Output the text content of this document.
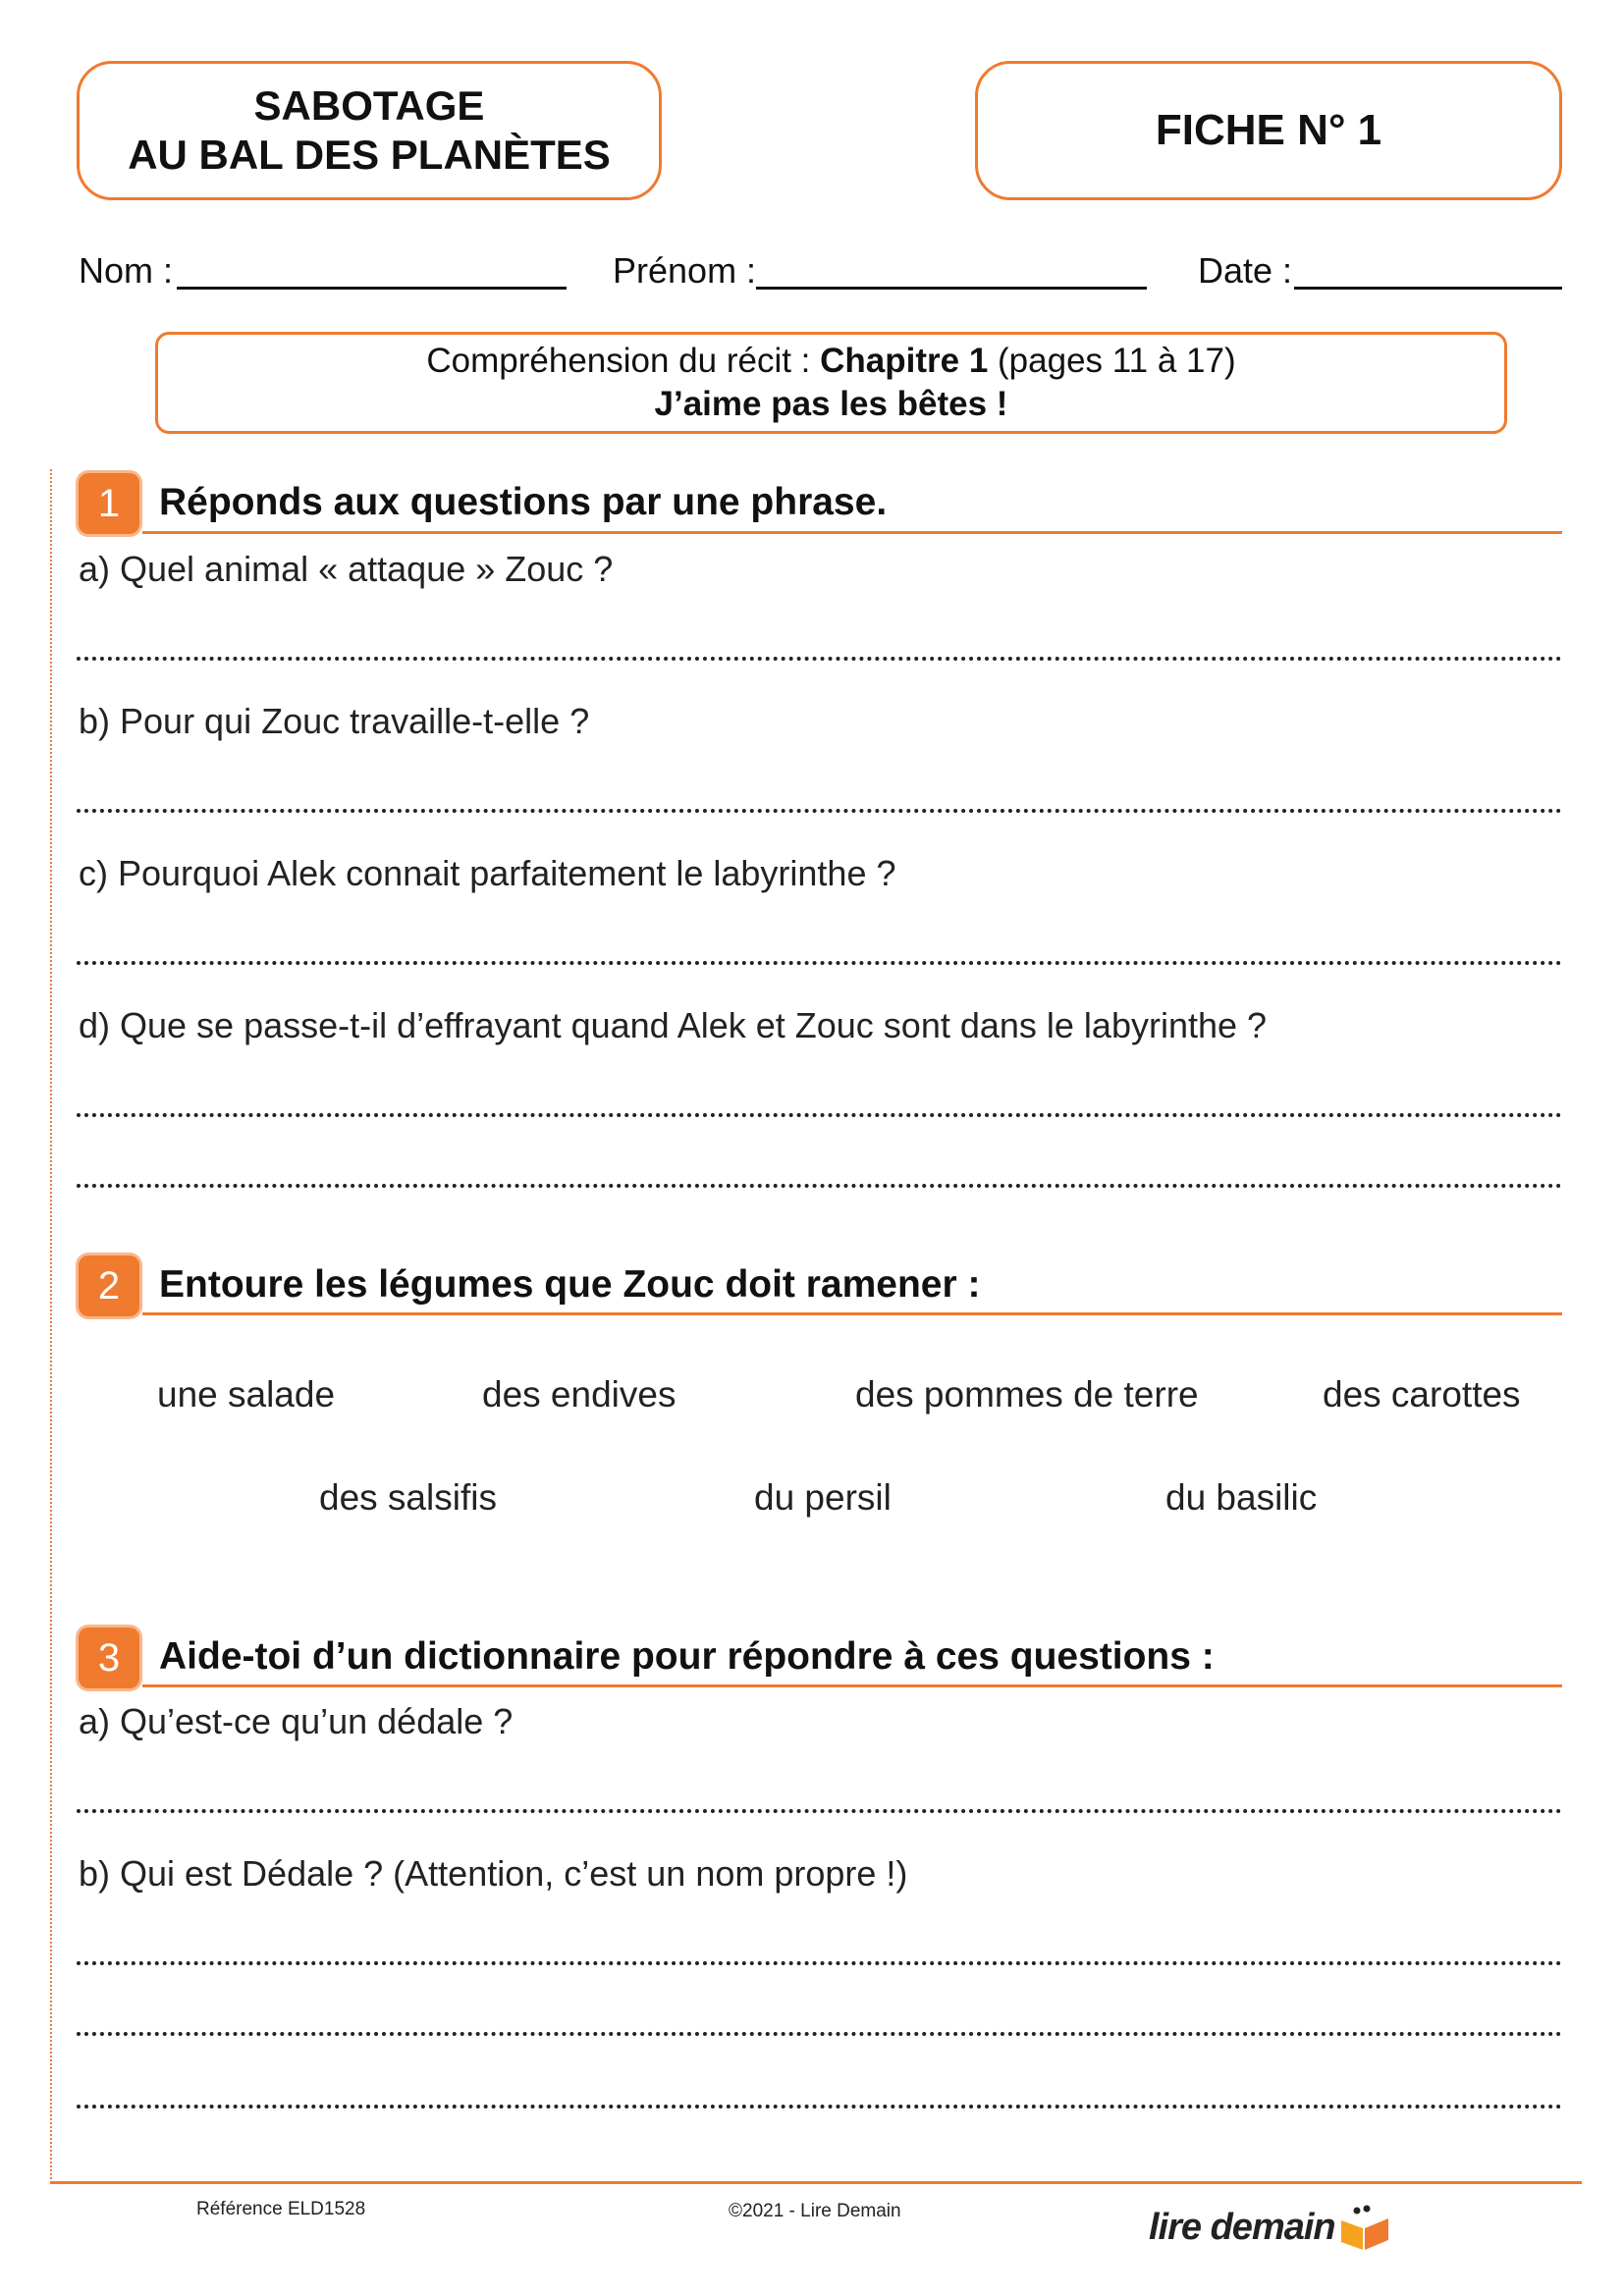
SABOTAGE
AU BAL DES PLANÈTES
FICHE N° 1
Nom :	Prénom :	Date :
Compréhension du récit : Chapitre 1 (pages 11 à 17)
J’aime pas les bêtes !
1 Réponds aux questions par une phrase.
a) Quel animal « attaque » Zouc ?
b) Pour qui Zouc travaille-t-elle ?
c) Pourquoi Alek connait parfaitement le labyrinthe ?
d) Que se passe-t-il d’effrayant quand Alek et Zouc sont dans le labyrinthe ?
2 Entoure les légumes que Zouc doit ramener :
une salade	des endives	des pommes de terre	des carottes
des salsifis	du persil	du basilic
3 Aide-toi d’un dictionnaire pour répondre à ces questions :
a) Qu’est-ce qu’un dédale ?
b) Qui est Dédale ? (Attention, c’est un nom propre !)
Référence ELD1528	©2021 - Lire Demain	lire demain
